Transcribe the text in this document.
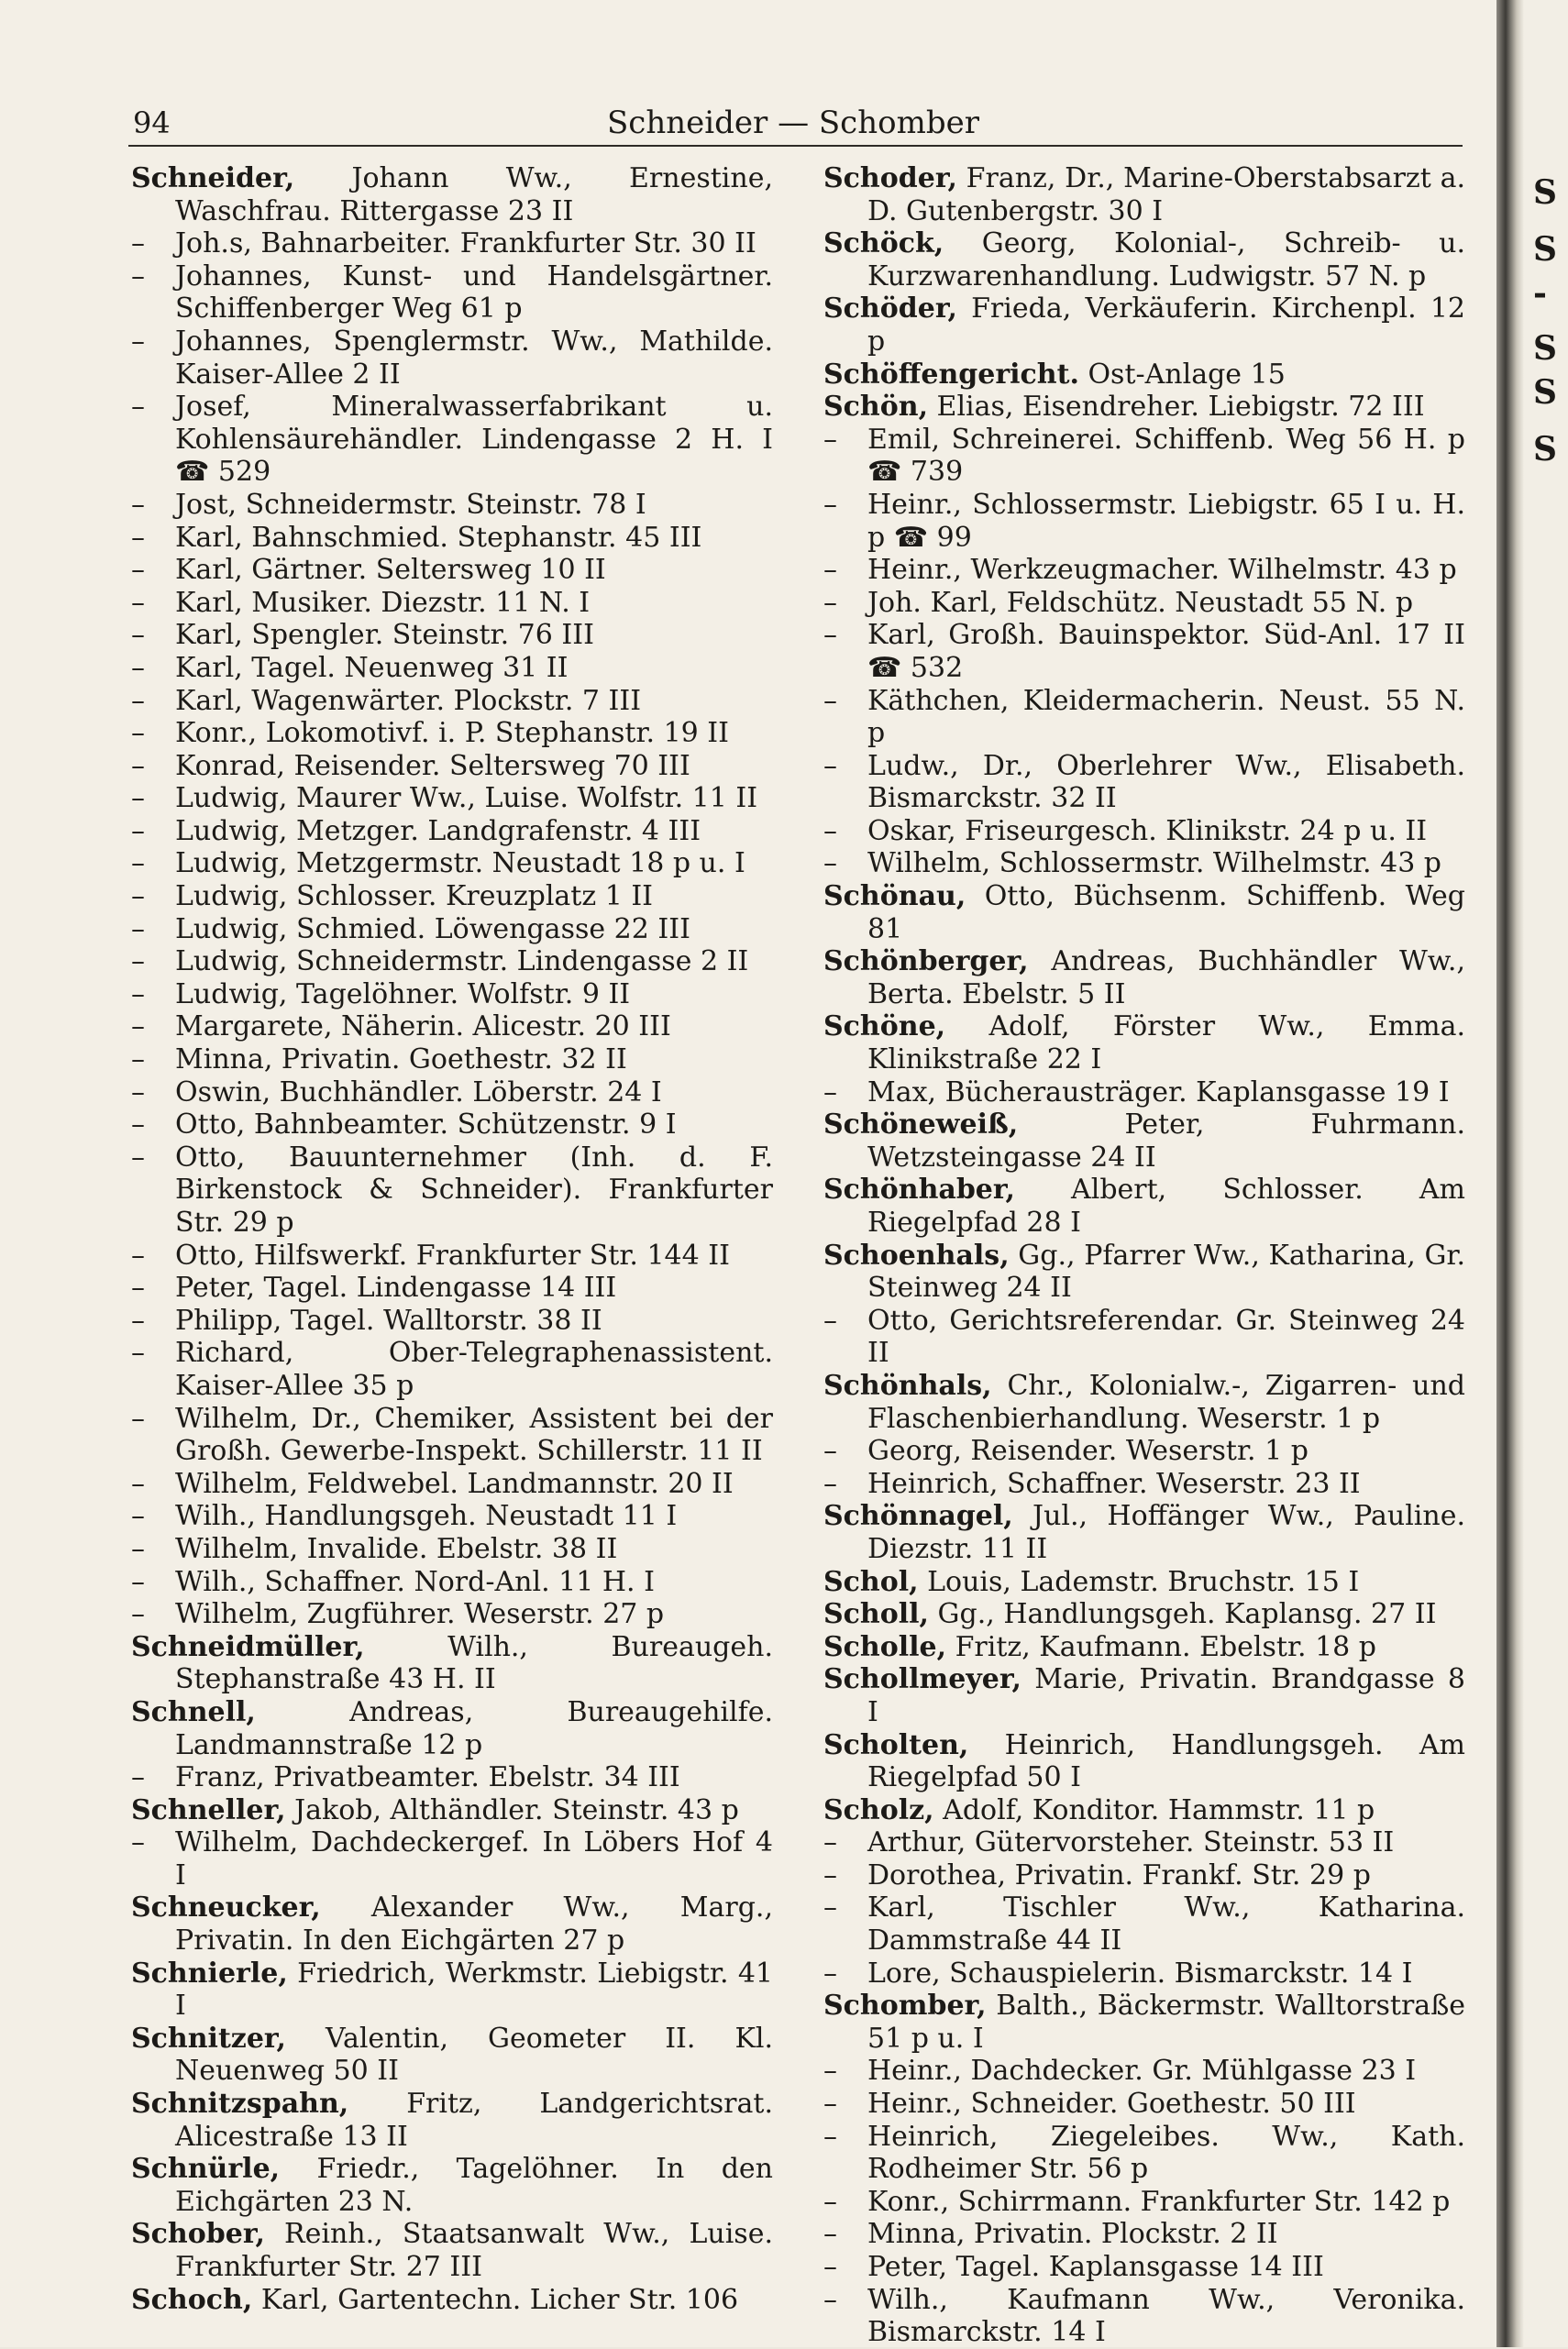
94	Schneider — Schomber
Schneider, Johann Ww., Ernestine, Waschfrau. Rittergasse 23 II
– Joh.s, Bahnarbeiter. Frankfurter Str. 30 II
– Johannes, Kunst- und Handelsgärtner. Schiffenberger Weg 61 p
– Johannes, Spenglermstr. Ww., Mathilde. Kaiser-Allee 2 II
– Josef, Mineralwasserfabrikant u. Kohlensäurehändler. Lindengasse 2 H. I ☎ 529
– Jost, Schneidermstr. Steinstr. 78 I
– Karl, Bahnschmied. Stephanstr. 45 III
– Karl, Gärtner. Seltersweg 10 II
– Karl, Musiker. Diezstr. 11 N. I
– Karl, Spengler. Steinstr. 76 III
– Karl, Tagel. Neuenweg 31 II
– Karl, Wagenwärter. Plockstr. 7 III
– Konr., Lokomotivf. i. P. Stephanstr. 19 II
– Konrad, Reisender. Seltersweg 70 III
– Ludwig, Maurer Ww., Luise. Wolfstr. 11 II
– Ludwig, Metzger. Landgrafenstr. 4 III
– Ludwig, Metzgermstr. Neustadt 18 p u. I
– Ludwig, Schlosser. Kreuzplatz 1 II
– Ludwig, Schmied. Löwengasse 22 III
– Ludwig, Schneidermstr. Lindengasse 2 II
– Ludwig, Tagelöhner. Wolfstr. 9 II
– Margarete, Näherin. Alicestr. 20 III
– Minna, Privatin. Goethestr. 32 II
– Oswin, Buchhändler. Löberstr. 24 I
– Otto, Bahnbeamter. Schützenstr. 9 I
– Otto, Bauunternehmer (Inh. d. F. Birkenstock & Schneider). Frankfurter Str. 29 p
– Otto, Hilfswerkf. Frankfurter Str. 144 II
– Peter, Tagel. Lindengasse 14 III
– Philipp, Tagel. Walltorstr. 38 II
– Richard, Ober-Telegraphenassistent. Kaiser-Allee 35 p
– Wilhelm, Dr., Chemiker, Assistent bei der Großh. Gewerbe-Inspekt. Schillerstr. 11 II
– Wilhelm, Feldwebel. Landmannstr. 20 II
– Wilh., Handlungsgeh. Neustadt 11 I
– Wilhelm, Invalide. Ebelstr. 38 II
– Wilh., Schaffner. Nord-Anl. 11 H. I
– Wilhelm, Zugführer. Weserstr. 27 p
Schneidmüller, Wilh., Bureaugeh. Stephanstraße 43 H. II
Schnell, Andreas, Bureaugehilfe. Landmannstraße 12 p
– Franz, Privatbeamter. Ebelstr. 34 III
Schneller, Jakob, Althändler. Steinstr. 43 p
– Wilhelm, Dachdeckergef. In Löbers Hof 4 I
Schneucker, Alexander Ww., Marg., Privatin. In den Eichgärten 27 p
Schnierle, Friedrich, Werkmstr. Liebigstr. 41 I
Schnitzer, Valentin, Geometer II. Kl. Neuenweg 50 II
Schnitzspahn, Fritz, Landgerichtsrat. Alicestraße 13 II
Schnürle, Friedr., Tagelöhner. In den Eichgärten 23 N.
Schober, Reinh., Staatsanwalt Ww., Luise. Frankfurter Str. 27 III
Schoch, Karl, Gartentechn. Licher Str. 106
Schoder, Franz, Dr., Marine-Oberstabsarzt a. D. Gutenbergstr. 30 I
Schöck, Georg, Kolonial-, Schreib- u. Kurzwarenhandlung. Ludwigstr. 57 N. p
Schöder, Frieda, Verkäuferin. Kirchenpl. 12 p
Schöffengericht. Ost-Anlage 15
Schön, Elias, Eisendreher. Liebigstr. 72 III
– Emil, Schreinerei. Schiffenb. Weg 56 H. p ☎ 739
– Heinr., Schlossermstr. Liebigstr. 65 I u. H. p ☎ 99
– Heinr., Werkzeugmacher. Wilhelmstr. 43 p
– Joh. Karl, Feldschütz. Neustadt 55 N. p
– Karl, Großh. Bauinspektor. Süd-Anl. 17 II ☎ 532
– Käthchen, Kleidermacherin. Neust. 55 N. p
– Ludw., Dr., Oberlehrer Ww., Elisabeth. Bismarckstr. 32 II
– Oskar, Friseurgesch. Klinikstr. 24 p u. II
– Wilhelm, Schlossermstr. Wilhelmstr. 43 p
Schönau, Otto, Büchsenm. Schiffenb. Weg 81
Schönberger, Andreas, Buchhändler Ww., Berta. Ebelstr. 5 II
Schöne, Adolf, Förster Ww., Emma. Klinikstraße 22 I
– Max, Bücherausträger. Kaplansgasse 19 I
Schöneweiß, Peter, Fuhrmann. Wetzsteingasse 24 II
Schönhaber, Albert, Schlosser. Am Riegelpfad 28 I
Schoenhals, Gg., Pfarrer Ww., Katharina, Gr. Steinweg 24 II
– Otto, Gerichtsreferendar. Gr. Steinweg 24 II
Schönhals, Chr., Kolonialw.-, Zigarren- und Flaschenbierhandlung. Weserstr. 1 p
– Georg, Reisender. Weserstr. 1 p
– Heinrich, Schaffner. Weserstr. 23 II
Schönnagel, Jul., Hoffänger Ww., Pauline. Diezstr. 11 II
Schol, Louis, Lademstr. Bruchstr. 15 I
Scholl, Gg., Handlungsgeh. Kaplansg. 27 II
Scholle, Fritz, Kaufmann. Ebelstr. 18 p
Schollmeyer, Marie, Privatin. Brandgasse 8 I
Scholten, Heinrich, Handlungsgeh. Am Riegelpfad 50 I
Scholz, Adolf, Konditor. Hammstr. 11 p
– Arthur, Gütervorsteher. Steinstr. 53 II
– Dorothea, Privatin. Frankf. Str. 29 p
– Karl, Tischler Ww., Katharina. Dammstraße 44 II
– Lore, Schauspielerin. Bismarckstr. 14 I
Schomber, Balth., Bäckermstr. Walltorstraße 51 p u. I
– Heinr., Dachdecker. Gr. Mühlgasse 23 I
– Heinr., Schneider. Goethestr. 50 III
– Heinrich, Ziegeleibes. Ww., Kath. Rodheimer Str. 56 p
– Konr., Schirrmann. Frankfurter Str. 142 p
– Minna, Privatin. Plockstr. 2 II
– Peter, Tagel. Kaplansgasse 14 III
– Wilh., Kaufmann Ww., Veronika. Bismarckstr. 14 I
S
S
-
S
S
S
